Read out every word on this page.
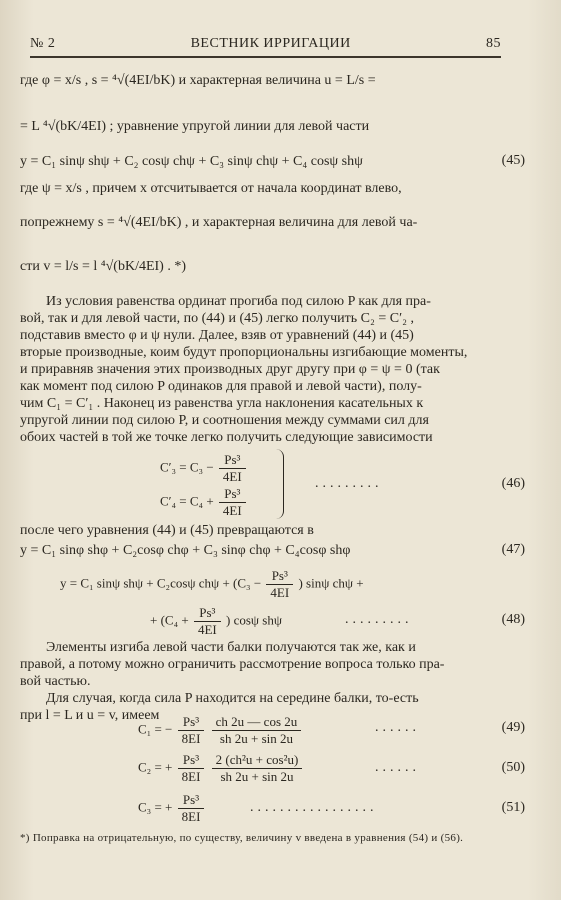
№ 2	ВЕСТНИК ИРРИГАЦИИ	85
где φ = x/s , s = ⁴√(4EI/bK) и характерная величина u = L/s =
= L ⁴√(bK/4EI) ; уравнение упругой линии для левой части
y = C₁ sinψ shψ + C₂ cosψ chψ + C₃ sinψ chψ + C₄ cosψ shψ	(45)
где ψ = x/s , причем x отсчитывается от начала координат влево,
попрежнему s = ⁴√(4EI/bK) , и характерная величина для левой ча-
сти v = l/s = l ⁴√(bK/4EI) . *)
Из условия равенства ординат прогиба под силою P как для пра-
вой, так и для левой части, по (44) и (45) легко получить C₂ = C′₂ ,
подставив вместо φ и ψ нули. Далее, взяв от уравнений (44) и (45)
вторые производные, коим будут пропорциональны изгибающие моменты,
и приравняв значения этих производных друг другу при φ = ψ = 0 (так
как момент под силою P одинаков для правой и левой части), полу-
чим C₁ = C′₁ . Наконец из равенства угла наклонения касательных к
упругой линии под силою P, и соотношения между суммами сил для
обоих частей в той же точке легко получить следующие зависимости
$C'_3 = C_3 - \frac{\text{Ps³}}{4EI}$
$C'_4 = C_4 + \frac{\text{Ps³}}{4EI}$
.........	(46)
после чего уравнения (44) и (45) превращаются в
y = C₁ sinφ shφ + C₂cosφ chφ + C₃ sinφ chφ + C₄cosφ shφ	(47)
y = C₁ sinψ shψ + C₂cosψ $ch\psi + (C_3 - \frac{\text{Ps³}}{4EI}$ ) sinψ chψ +
+ ($C_4 + \frac{\text{Ps³}}{4EI}$ ) cosψ shψ	.........	(48)
Элементы изгиба левой части балки получаются так же, как и
правой, а потому можно ограничить рассмотрение вопроса только пра-
вой частью.
Для случая, когда сила P находится на середине балки, то-есть
при l = L и u = v, имеем
C₁ = − $\frac{\text{Ps³}}{8EI}$
$\frac{ch 2u — \cos 2u}{sh 2u + \sin 2u}$	......	(49)
C₂ = + $\frac{\text{Ps³}}{8EI}$
$\frac{\text{2 (ch²u + cos²u)}}{sh 2u + \sin 2u}$	......	(50)
C₃ = + $\frac{\text{Ps³}}{8EI}$	.................	(51)
*) Поправка на отрицательную, по существу, величину v введена в уравнения (54) и (56).
